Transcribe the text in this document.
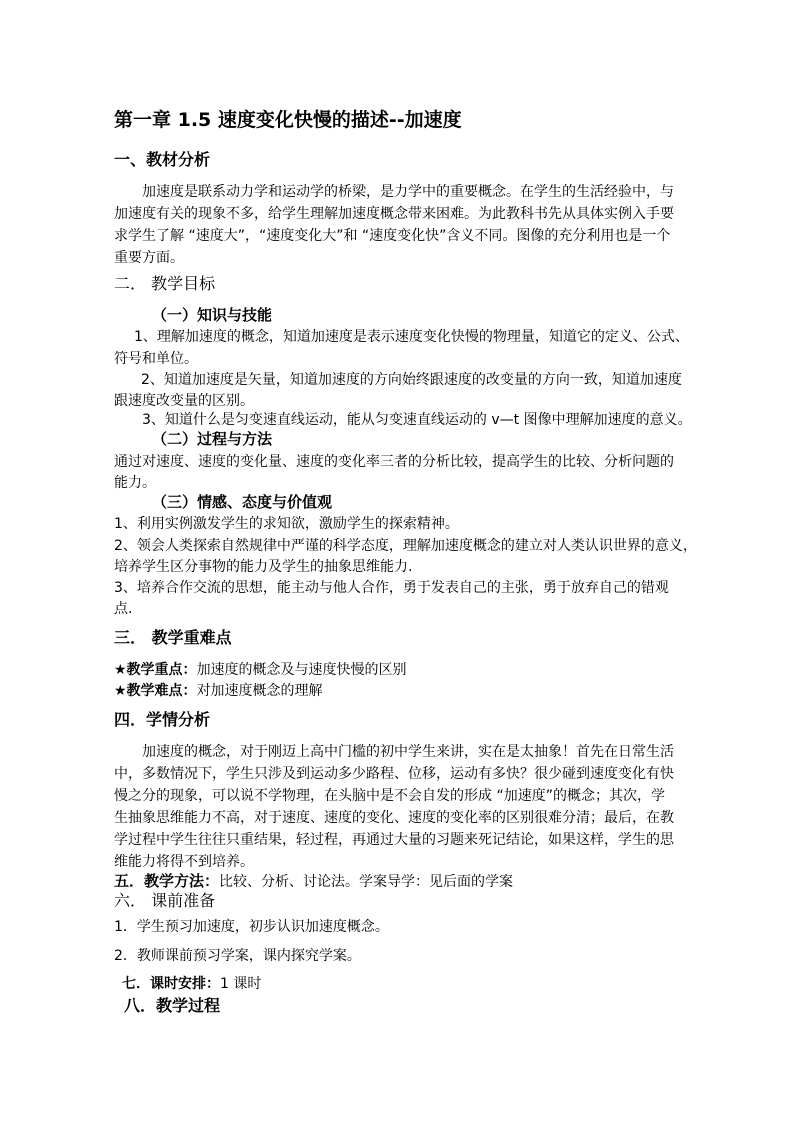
第一章 1.5 速度变化快慢的描述--加速度
一、教材分析
加速度是联系动力学和运动学的桥梁，是力学中的重要概念。在学生的生活经验中，与
加速度有关的现象不多，给学生理解加速度概念带来困难。为此教科书先从具体实例入手要
求学生了解 “速度大”，“速度变化大”和 “速度变化快”含义不同。图像的充分利用也是一个
重要方面。
二． 教学目标
（一）知识与技能
1、理解加速度的概念，知道加速度是表示速度变化快慢的物理量，知道它的定义、公式、
符号和单位。
2、知道加速度是矢量，知道加速度的方向始终跟速度的改变量的方向一致，知道加速度
跟速度改变量的区别。
3、知道什么是匀变速直线运动，能从匀变速直线运动的 v—t 图像中理解加速度的意义。
（二）过程与方法
通过对速度、速度的变化量、速度的变化率三者的分析比较，提高学生的比较、分析问题的
能力。
（三）情感、态度与价值观
1、利用实例激发学生的求知欲，激励学生的探索精神。
2、领会人类探索自然规律中严谨的科学态度，理解加速度概念的建立对人类认识世界的意义，
培养学生区分事物的能力及学生的抽象思维能力.
3、培养合作交流的思想，能主动与他人合作，勇于发表自己的主张，勇于放弃自己的错观
点.
三． 教学重难点
★教学重点：加速度的概念及与速度快慢的区别
★教学难点：对加速度概念的理解
四．学情分析
加速度的概念，对于刚迈上高中门槛的初中学生来讲，实在是太抽象！首先在日常生活
中，多数情况下，学生只涉及到运动多少路程、位移，运动有多快？很少碰到速度变化有快
慢之分的现象，可以说不学物理，在头脑中是不会自发的形成 “加速度”的概念；其次，学
生抽象思维能力不高，对于速度、速度的变化、速度的变化率的区别很难分清；最后，在教
学过程中学生往往只重结果，轻过程，再通过大量的习题来死记结论，如果这样，学生的思
维能力将得不到培养。
五．教学方法：比较、分析、讨论法。学案导学：见后面的学案
六． 课前准备
1．学生预习加速度，初步认识加速度概念。
2．教师课前预习学案，课内探究学案。
七．课时安排：1 课时
八．教学过程
